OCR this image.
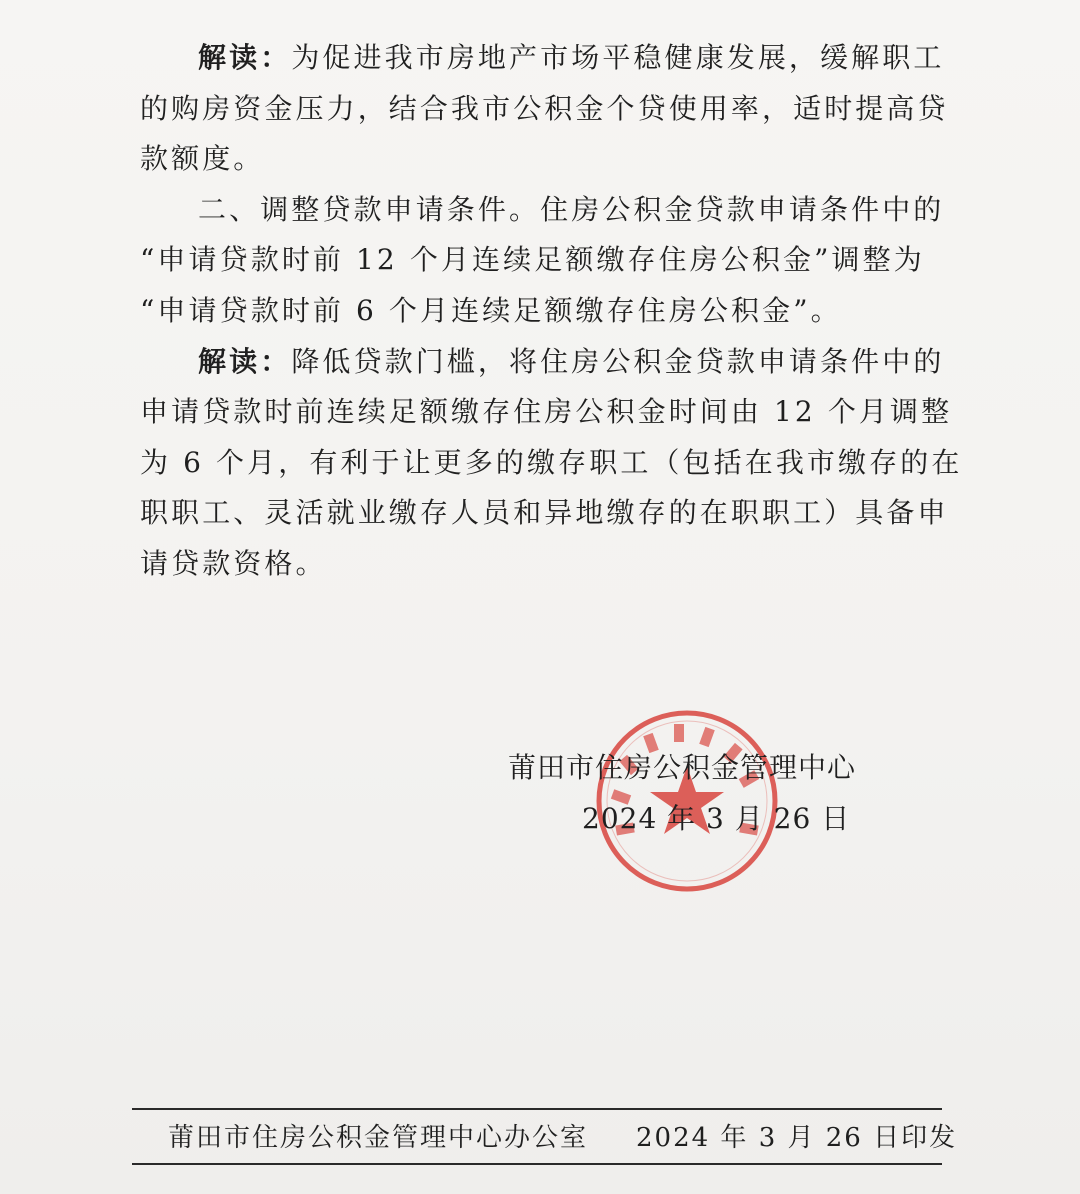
解读：为促进我市房地产市场平稳健康发展，缓解职工
的购房资金压力，结合我市公积金个贷使用率，适时提高贷
款额度。
二、调整贷款申请条件。住房公积金贷款申请条件中的
“申请贷款时前 12 个月连续足额缴存住房公积金”调整为
“申请贷款时前 6 个月连续足额缴存住房公积金”。
解读：降低贷款门槛，将住房公积金贷款申请条件中的
申请贷款时前连续足额缴存住房公积金时间由 12 个月调整
为 6 个月，有利于让更多的缴存职工（包括在我市缴存的在
职职工、灵活就业缴存人员和异地缴存的在职职工）具备申
请贷款资格。
莆田市住房公积金管理中心
2024 年 3 月 26 日
莆田市住房公积金管理中心办公室 2024 年 3 月 26 日印发
